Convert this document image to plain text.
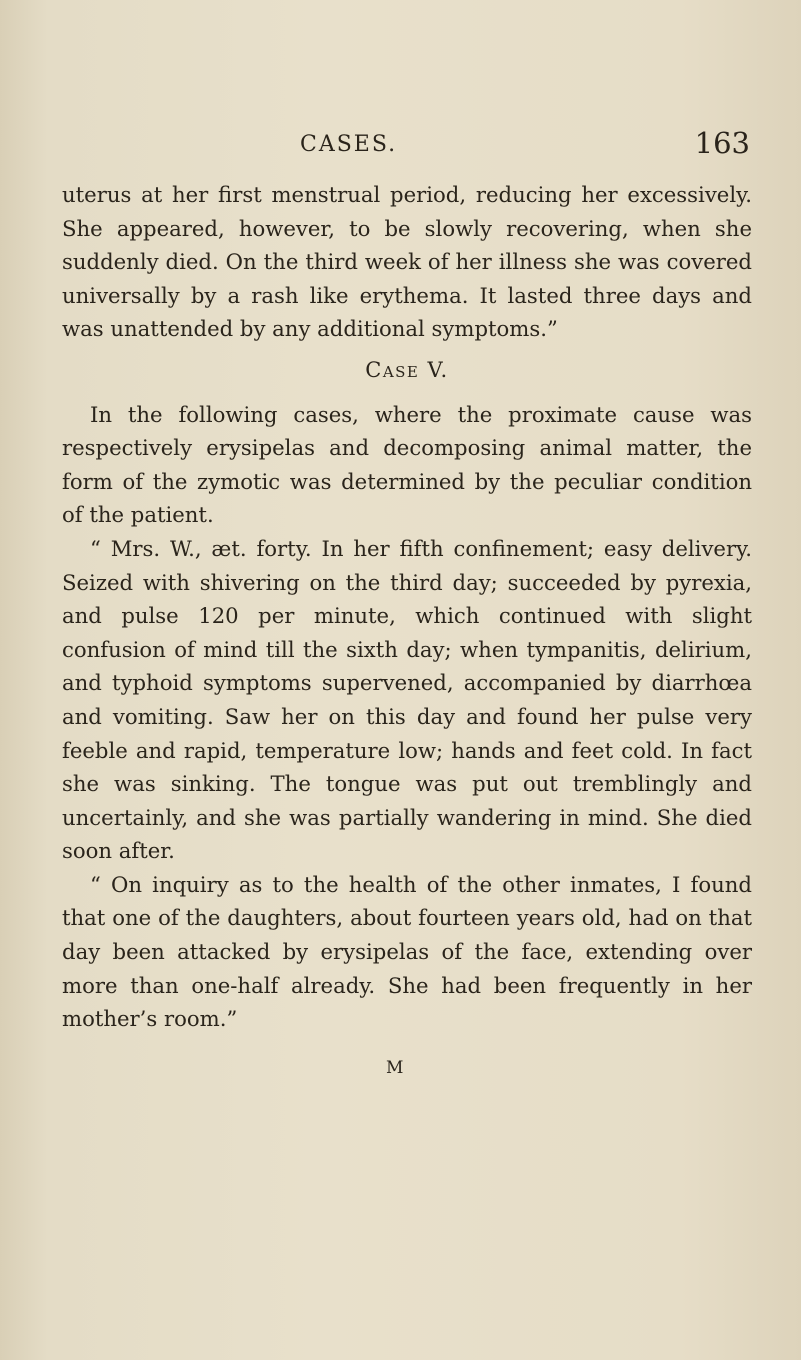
CASES.	163

uterus at her first menstrual period, reducing her excessively. She appeared, however, to be slowly recovering, when she suddenly died. On the third week of her illness she was covered universally by a rash like erythema. It lasted three days and was unattended by any additional symptoms.”

Case V.

In the following cases, where the proximate cause was respectively erysipelas and decomposing animal matter, the form of the zymotic was determined by the peculiar condition of the patient.

“ Mrs. W., æt. forty. In her fifth confinement; easy delivery. Seized with shivering on the third day; succeeded by pyrexia, and pulse 120 per minute, which continued with slight confusion of mind till the sixth day; when tympanitis, delirium, and typhoid symptoms supervened, accompanied by diarrhœa and vomiting. Saw her on this day and found her pulse very feeble and rapid, temperature low; hands and feet cold. In fact she was sinking. The tongue was put out tremblingly and uncertainly, and she was partially wandering in mind. She died soon after.

“ On inquiry as to the health of the other inmates, I found that one of the daughters, about fourteen years old, had on that day been attacked by erysipelas of the face, extending over more than one-half already. She had been frequently in her mother’s room.”

M
